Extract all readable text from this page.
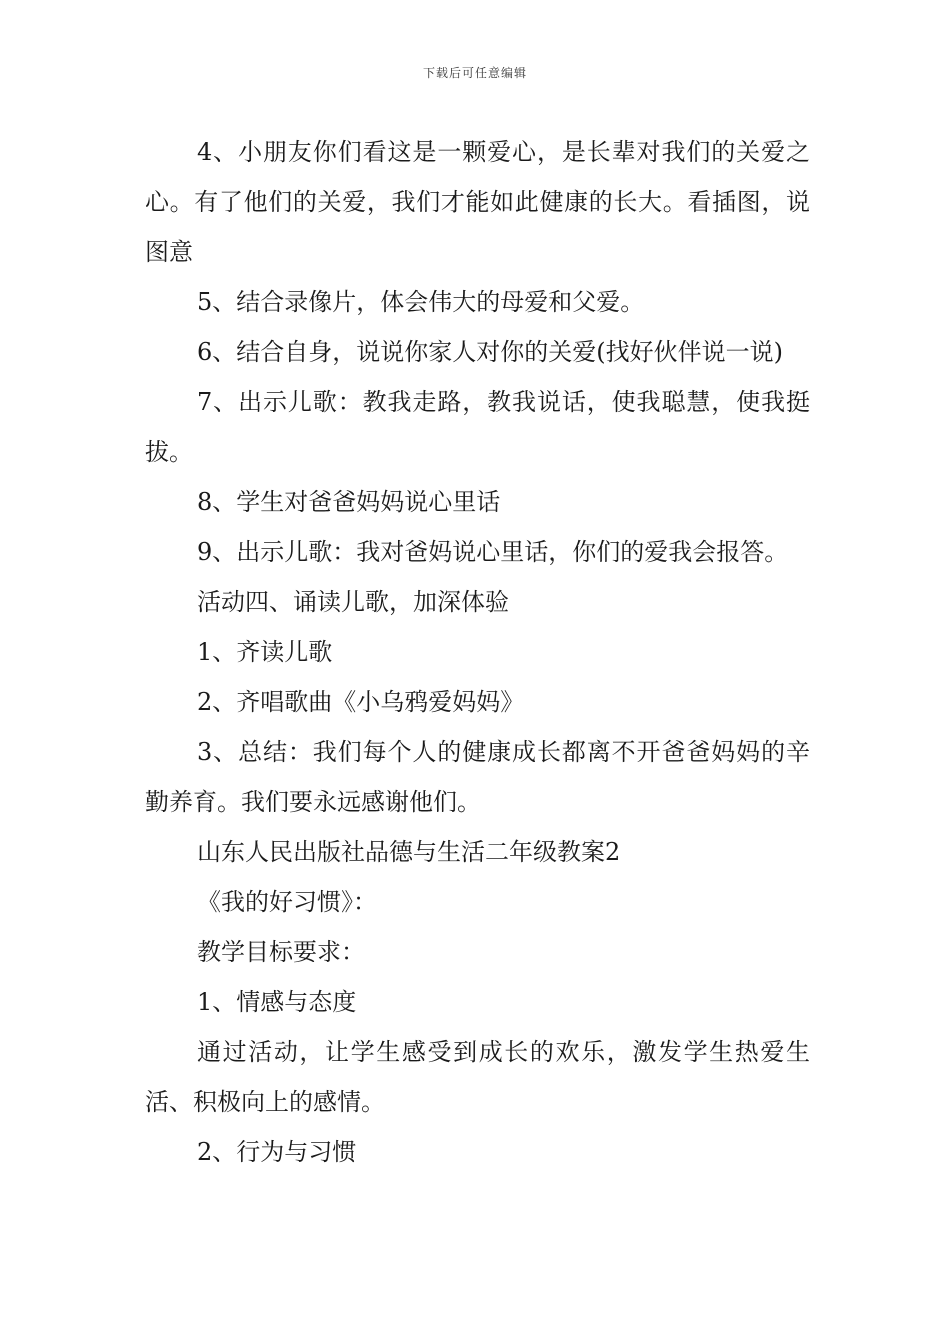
下载后可任意编辑

4、小朋友你们看这是一颗爱心，是长辈对我们的关爱之心。有了他们的关爱，我们才能如此健康的长大。看插图，说图意

5、结合录像片，体会伟大的母爱和父爱。

6、结合自身，说说你家人对你的关爱(找好伙伴说一说)

7、出示儿歌：教我走路，教我说话，使我聪慧，使我挺拔。

8、学生对爸爸妈妈说心里话

9、出示儿歌：我对爸妈说心里话，你们的爱我会报答。

活动四、诵读儿歌，加深体验

1、齐读儿歌

2、齐唱歌曲《小乌鸦爱妈妈》

3、总结：我们每个人的健康成长都离不开爸爸妈妈的辛勤养育。我们要永远感谢他们。

山东人民出版社品德与生活二年级教案2

《我的好习惯》：

教学目标要求：

1、情感与态度

通过活动，让学生感受到成长的欢乐，激发学生热爱生活、积极向上的感情。

2、行为与习惯
